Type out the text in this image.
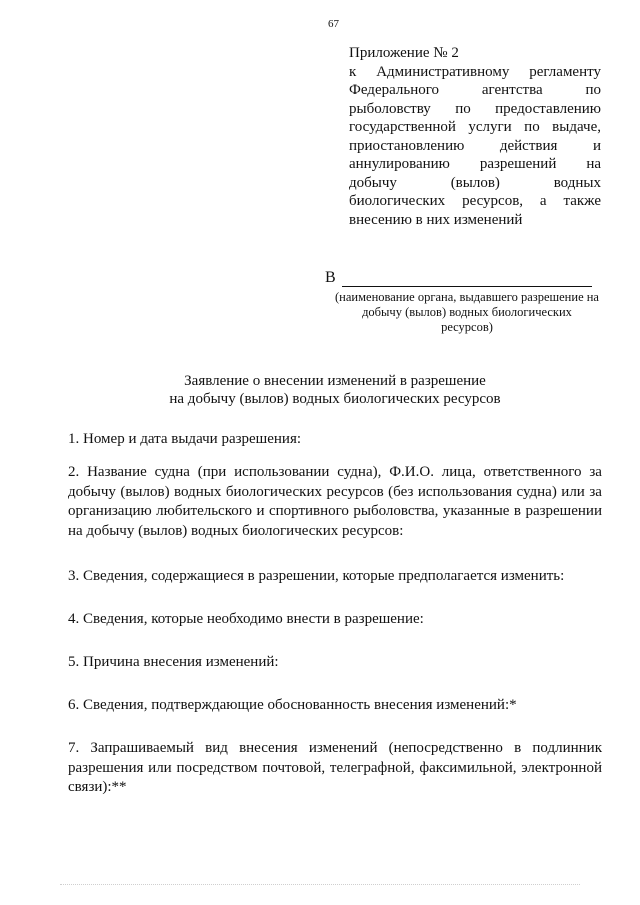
67
Приложение № 2
к Административному регламенту
Федерального	агентства	по
рыболовству по предоставлению
государственной услуги по выдаче,
приостановлению действия и
аннулированию разрешений на
добычу	(вылов)	водных
биологических ресурсов, а также
внесению в них изменений
В
(наименование органа, выдавшего разрешение на добычу (вылов) водных биологических ресурсов)
Заявление о внесении изменений в разрешение
на добычу (вылов) водных биологических ресурсов
1. Номер и дата выдачи разрешения:
2. Название судна (при использовании судна), Ф.И.О. лица, ответственного за
добычу (вылов) водных биологических ресурсов (без использования судна) или за
организацию любительского и спортивного рыболовства, указанные в разрешении
на добычу (вылов) водных биологических ресурсов:
3. Сведения, содержащиеся в разрешении, которые предполагается изменить:
4. Сведения, которые необходимо внести в разрешение:
5. Причина внесения изменений:
6. Сведения, подтверждающие обоснованность внесения изменений:*
7. Запрашиваемый вид внесения изменений (непосредственно в подлинник
разрешения или посредством почтовой, телеграфной, факсимильной, электронной
связи):**
